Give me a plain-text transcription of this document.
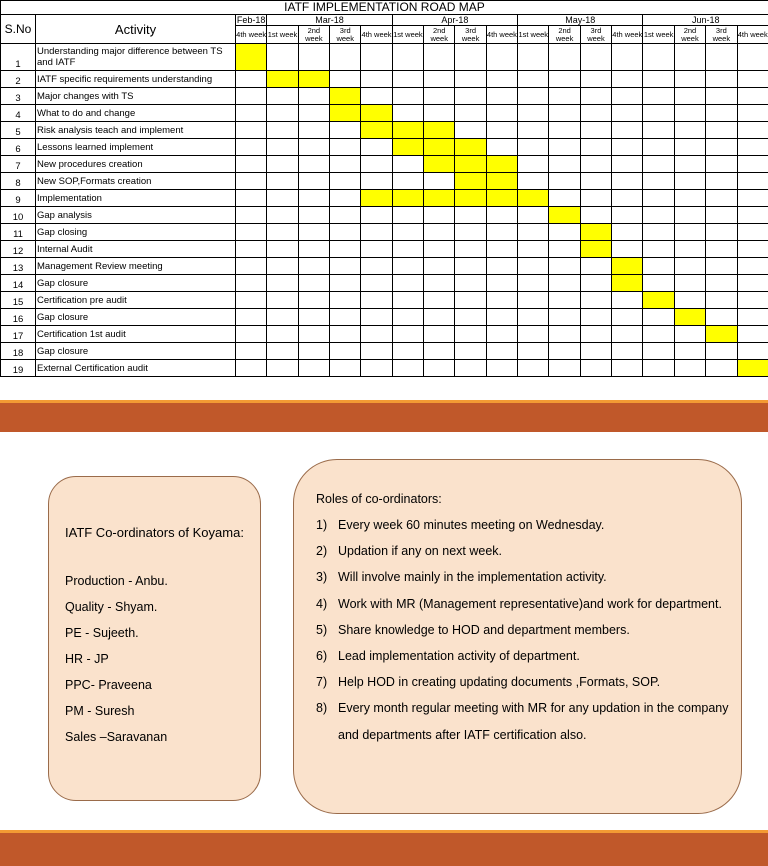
IATF IMPLEMENTATION ROAD MAP																		
S.No	Activity	Feb-18	Mar-18				Apr-18				May-18				Jun-18			
		4th week	1st week	2nd week	3rd week	4th week	1st week	2nd week	3rd week	4th week	1st week	2nd week	3rd week	4th week	1st week	2nd week	3rd week	4th week
1	Understanding major difference between TS and IATF																	
2	IATF specific requirements understanding																	
3	Major changes with TS																	
4	What to do and change																	
5	Risk analysis teach and implement																	
6	Lessons learned implement																	
7	New procedures creation																	
8	New SOP,Formats creation																	
9	Implementation																	
10	Gap analysis																	
11	Gap closing																	
12	Internal Audit																	
13	Management Review meeting																	
14	Gap closure																	
15	Certification pre audit																	
16	Gap closure																	
17	Certification 1st audit																	
18	Gap closure																	
19	External Certification audit																	
IATF Co-ordinators of Koyama:
Production - Anbu.
Quality - Shyam.
PE - Sujeeth.
HR - JP
PPC- Praveena
PM - Suresh
Sales –Saravanan
Roles of co-ordinators:
1) Every week 60 minutes meeting on Wednesday.
2) Updation if any on next week.
3) Will involve mainly in the implementation activity.
4) Work with MR (Management representative)and work for department.
5) Share knowledge to HOD and department members.
6) Lead implementation activity of department.
7) Help HOD in creating updating documents ,Formats, SOP.
8) Every month regular meeting with MR for any updation in the company and departments after IATF certification also.
